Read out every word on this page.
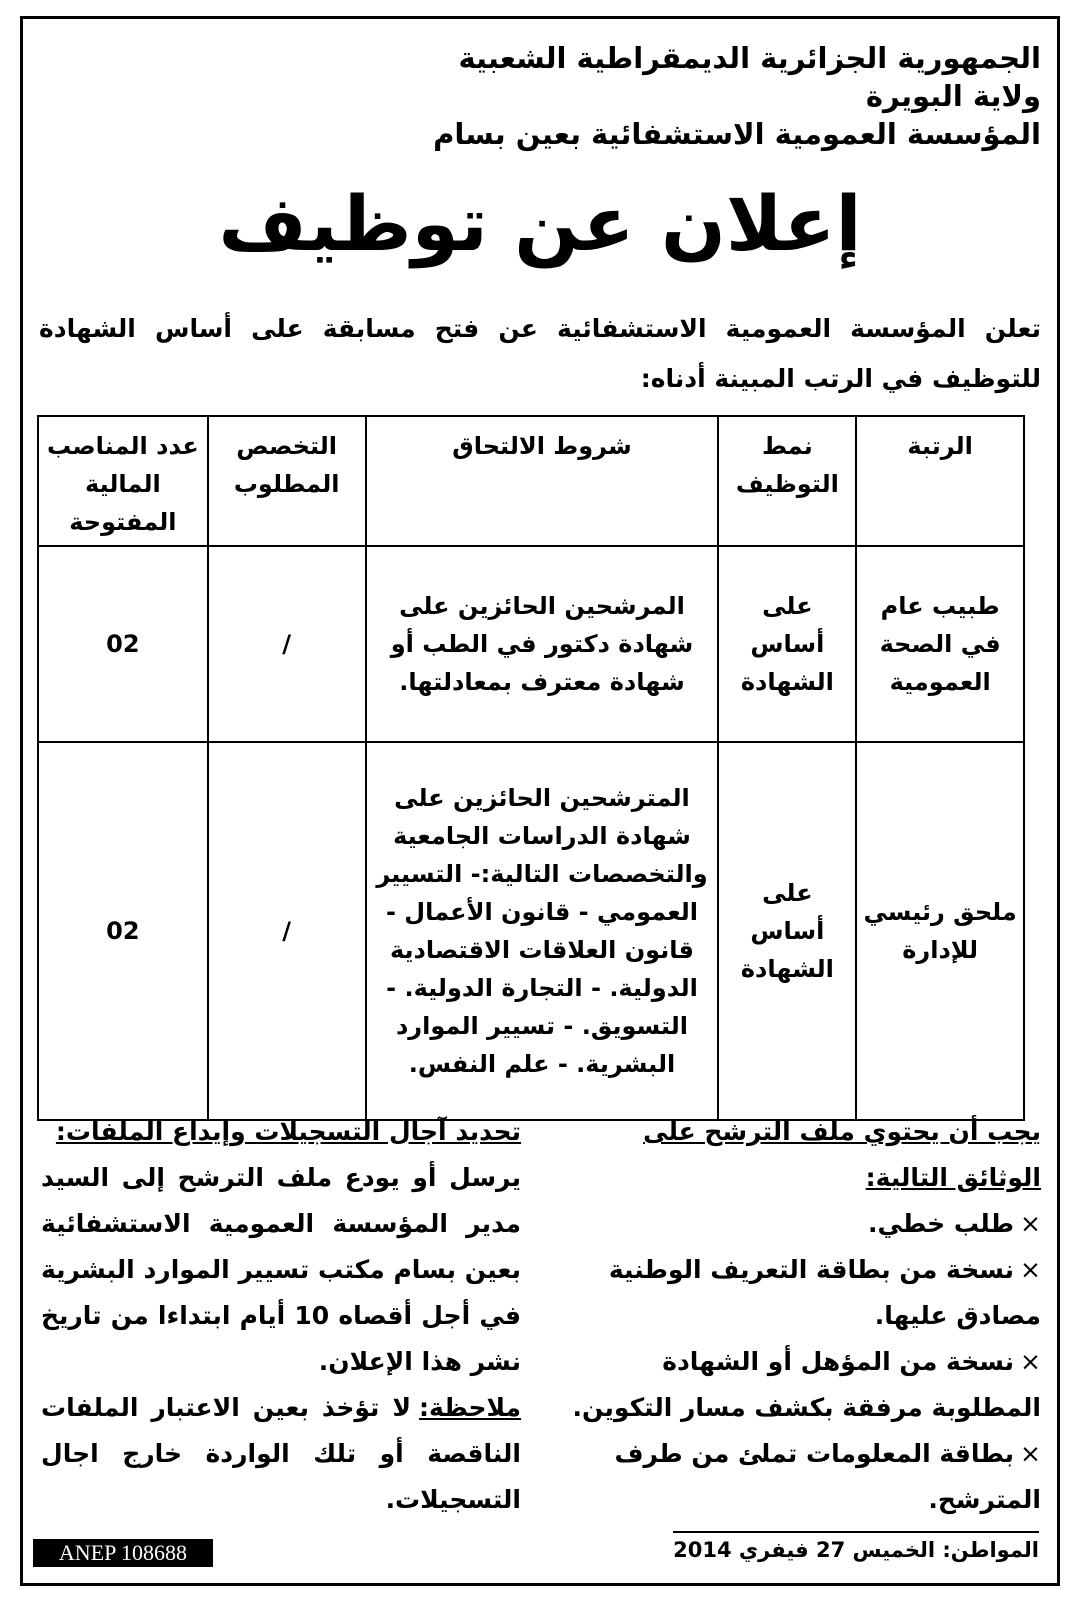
الجمهورية الجزائرية الديمقراطية الشعبية
ولاية البويرة
المؤسسة العمومية الاستشفائية بعين بسام
إعلان عن توظيف
تعلن المؤسسة العمومية الاستشفائية عن فتح مسابقة على أساس الشهادة للتوظيف في الرتب المبينة أدناه:
الرتبة	نمط التوظيف	شروط الالتحاق	التخصص المطلوب	عدد المناصب المالية المفتوحة
طبيب عام في الصحة العمومية	على أساس الشهادة	المرشحين الحائزين على شهادة دكتور في الطب أو شهادة معترف بمعادلتها.	/	02
ملحق رئيسي للإدارة	على أساس الشهادة	المترشحين الحائزين على شهادة الدراسات الجامعية والتخصصات التالية:- التسيير العمومي - قانون الأعمال - قانون العلاقات الاقتصادية الدولية. - التجارة الدولية. - التسويق. - تسيير الموارد البشرية. - علم النفس.	/	02
يجب أن يحتوي ملف الترشح على الوثائق التالية:
×طلب خطي.
×نسخة من بطاقة التعريف الوطنية مصادق عليها.
×نسخة من المؤهل أو الشهادة المطلوبة مرفقة بكشف مسار التكوين.
×بطاقة المعلومات تملئ من طرف المترشح.
تحديد آجال التسجيلات وإيداع الملفات:
يرسل أو يودع ملف الترشح إلى السيد مدير المؤسسة العمومية الاستشفائية بعين بسام مكتب تسيير الموارد البشرية في أجل أقصاه 10 أيام ابتداءا من تاريخ نشر هذا الإعلان.
ملاحظة:لا تؤخذ بعين الاعتبار الملفات الناقصة أو تلك الواردة خارج اجال التسجيلات.
المواطن: الخميس 27 فيفري 2014
ANEP 108688
